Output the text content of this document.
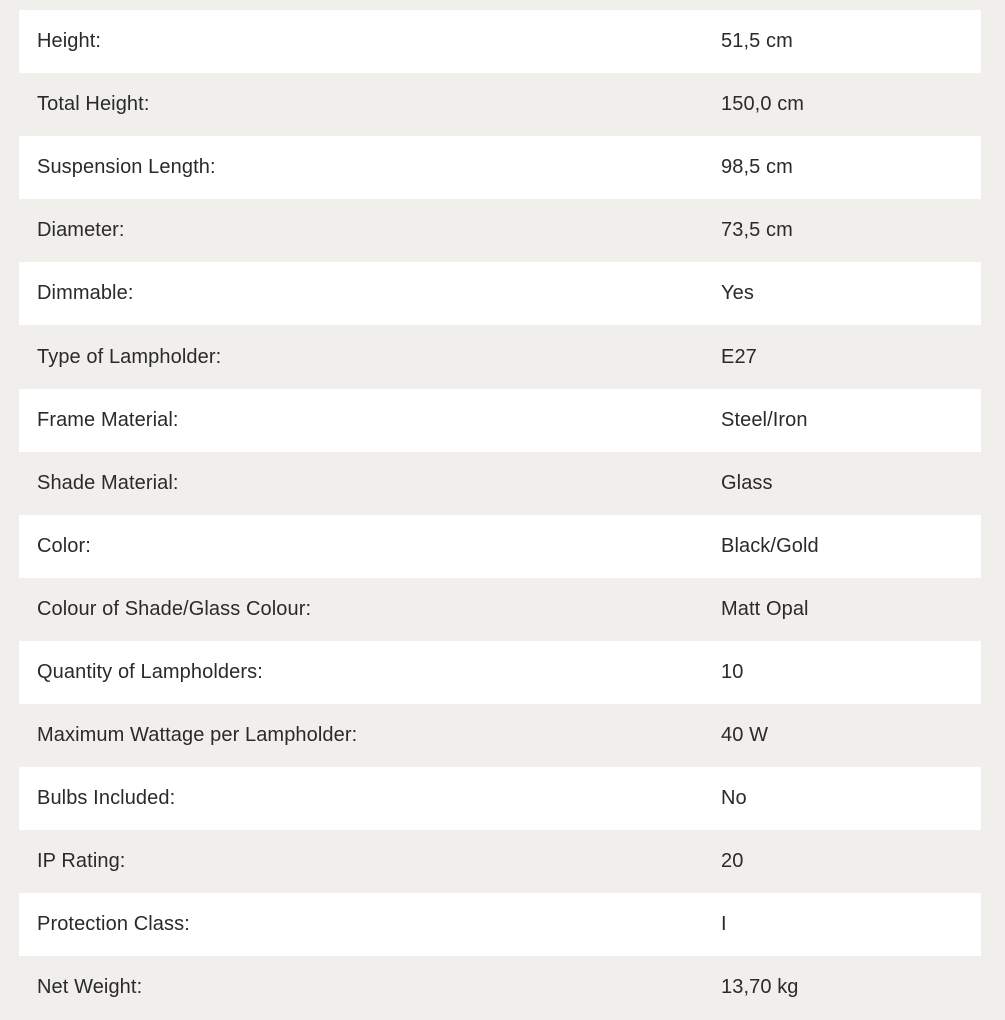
Height:	51,5 cm
Total Height:	150,0 cm
Suspension Length:	98,5 cm
Diameter:	73,5 cm
Dimmable:	Yes
Type of Lampholder:	E27
Frame Material:	Steel/Iron
Shade Material:	Glass
Color:	Black/Gold
Colour of Shade/Glass Colour:	Matt Opal
Quantity of Lampholders:	10
Maximum Wattage per Lampholder:	40 W
Bulbs Included:	No
IP Rating:	20
Protection Class:	I
Net Weight:	13,70 kg
